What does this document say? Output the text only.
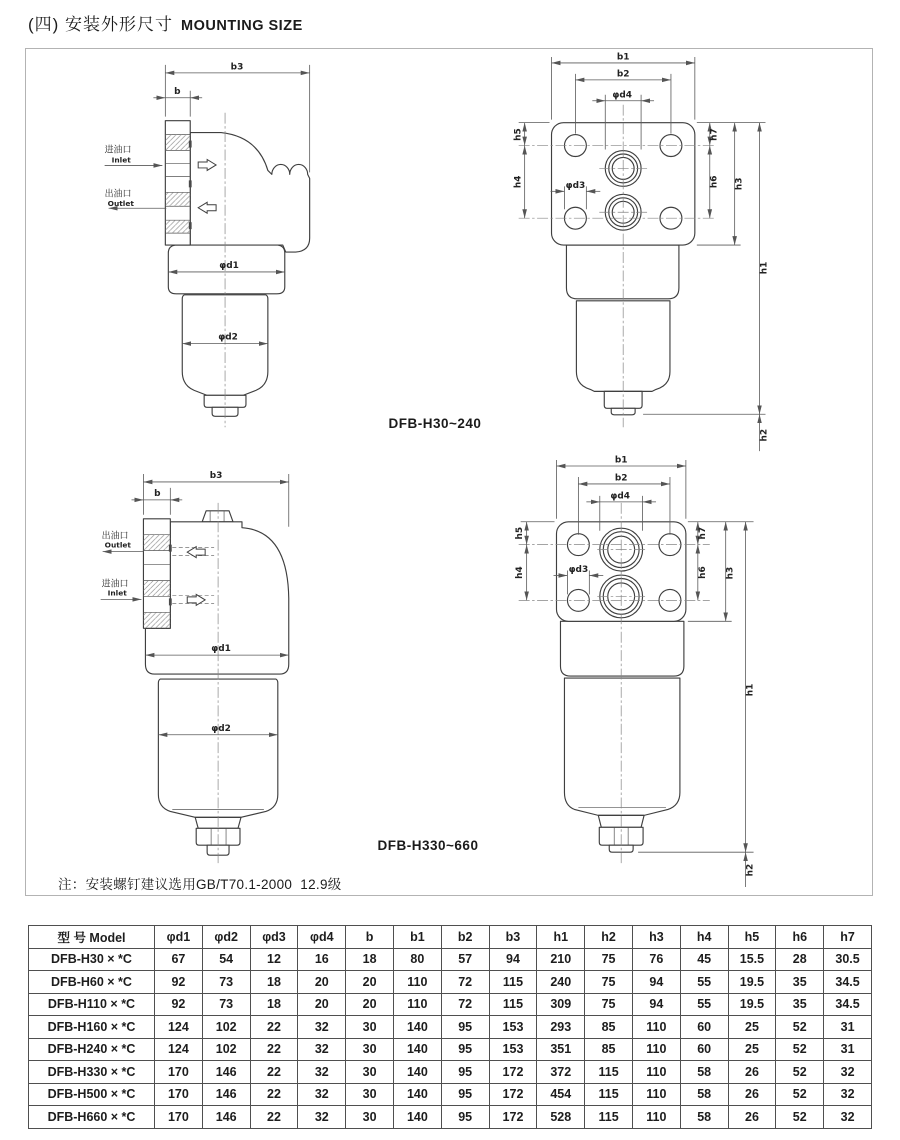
(四) 安装外形尺寸 MOUNTING SIZE
b3
b
φd1
φd2
进油口
Inlet
出油口
Outlet
b1
b2
φd4
φd3
h5
h4
h7
h6 h3
h1
h2
b3
b
φd1
φd2
出油口
Outlet
进油口
Inlet
b1
b2
φd4
φd3
h5
h4
h7
h6 h3
h1
h2
DFB-H30~240
DFB-H330~660
注：安装螺钉建议选用GB/T70.1-2000  12.9级
型 号 Model	φd1	φd2	φd3	φd4	b	b1	b2	b3	h1	h2	h3	h4	h5	h6	h7
DFB-H30 × *C	67	54	12	16	18	80	57	94	210	75	76	45	15.5	28	30.5
DFB-H60 × *C	92	73	18	20	20	110	72	115	240	75	94	55	19.5	35	34.5
DFB-H110 × *C	92	73	18	20	20	110	72	115	309	75	94	55	19.5	35	34.5
DFB-H160 × *C	124	102	22	32	30	140	95	153	293	85	110	60	25	52	31
DFB-H240 × *C	124	102	22	32	30	140	95	153	351	85	110	60	25	52	31
DFB-H330 × *C	170	146	22	32	30	140	95	172	372	115	110	58	26	52	32
DFB-H500 × *C	170	146	22	32	30	140	95	172	454	115	110	58	26	52	32
DFB-H660 × *C	170	146	22	32	30	140	95	172	528	115	110	58	26	52	32
